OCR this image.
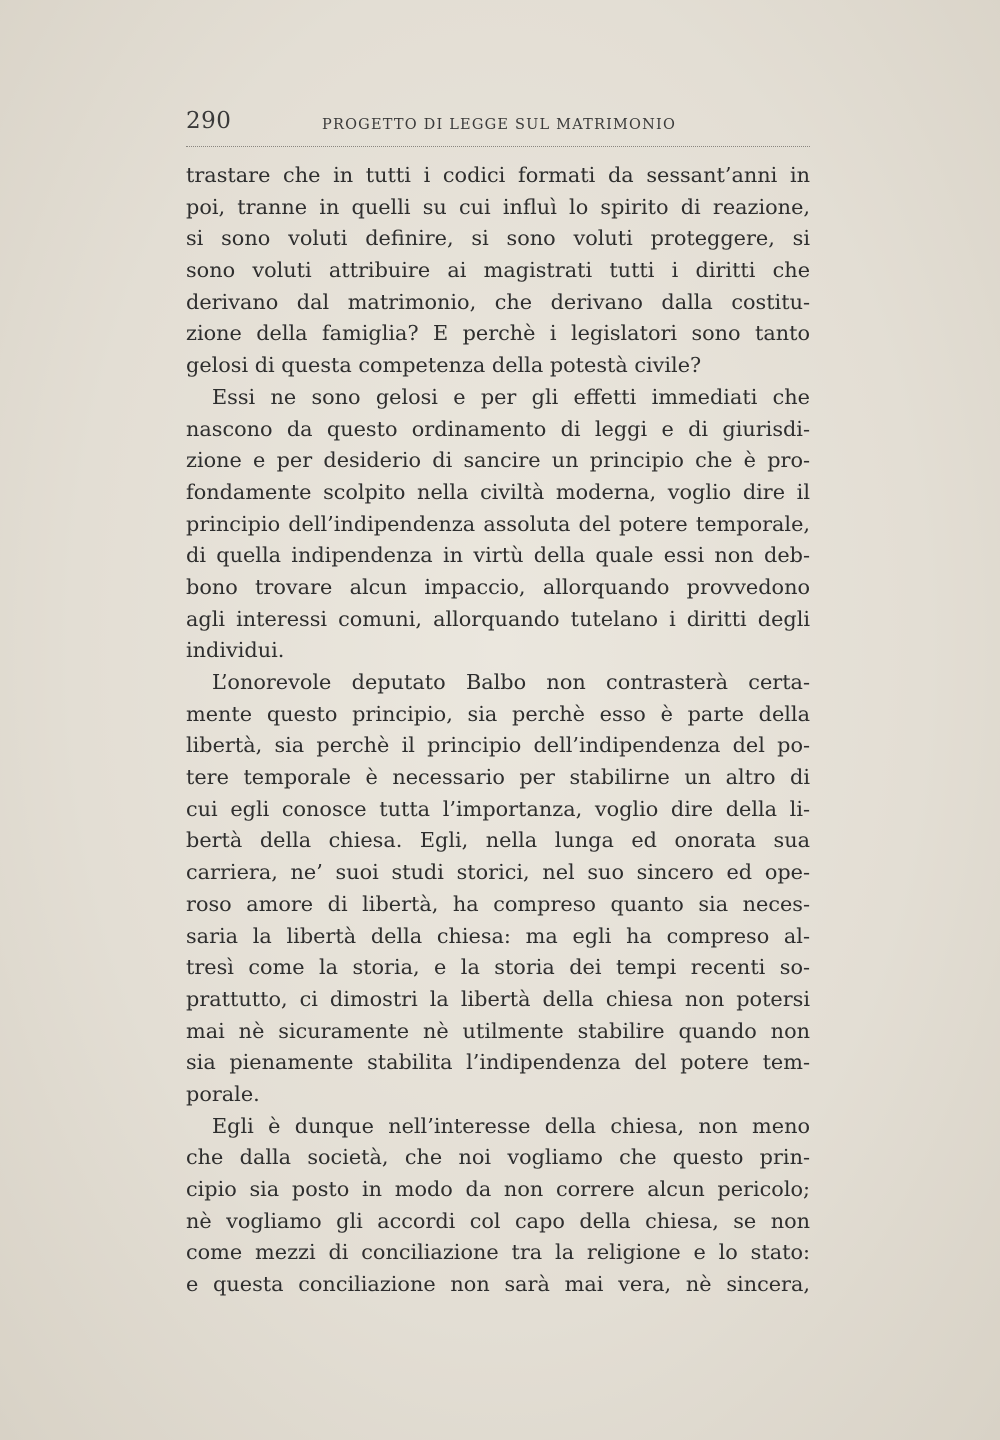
290	PROGETTO DI LEGGE SUL MATRIMONIO
trastare che in tutti i codici formati da sessant’anni in
poi, tranne in quelli su cui influì lo spirito di reazione,
si sono voluti definire, si sono voluti proteggere, si
sono voluti attribuire ai magistrati tutti i diritti che
derivano dal matrimonio, che derivano dalla costitu-
zione della famiglia? E perchè i legislatori sono tanto
gelosi di questa competenza della potestà civile?
Essi ne sono gelosi e per gli effetti immediati che
nascono da questo ordinamento di leggi e di giurisdi-
zione e per desiderio di sancire un principio che è pro-
fondamente scolpito nella civiltà moderna, voglio dire il
principio dell’indipendenza assoluta del potere temporale,
di quella indipendenza in virtù della quale essi non deb-
bono trovare alcun impaccio, allorquando provvedono
agli interessi comuni, allorquando tutelano i diritti degli
individui.
L’onorevole deputato Balbo non contrasterà certa-
mente questo principio, sia perchè esso è parte della
libertà, sia perchè il principio dell’indipendenza del po-
tere temporale è necessario per stabilirne un altro di
cui egli conosce tutta l’importanza, voglio dire della li-
bertà della chiesa. Egli, nella lunga ed onorata sua
carriera, ne’ suoi studi storici, nel suo sincero ed ope-
roso amore di libertà, ha compreso quanto sia neces-
saria la libertà della chiesa: ma egli ha compreso al-
tresì come la storia, e la storia dei tempi recenti so-
prattutto, ci dimostri la libertà della chiesa non potersi
mai nè sicuramente nè utilmente stabilire quando non
sia pienamente stabilita l’indipendenza del potere tem-
porale.
Egli è dunque nell’interesse della chiesa, non meno
che dalla società, che noi vogliamo che questo prin-
cipio sia posto in modo da non correre alcun pericolo;
nè vogliamo gli accordi col capo della chiesa, se non
come mezzi di conciliazione tra la religione e lo stato:
e questa conciliazione non sarà mai vera, nè sincera,
